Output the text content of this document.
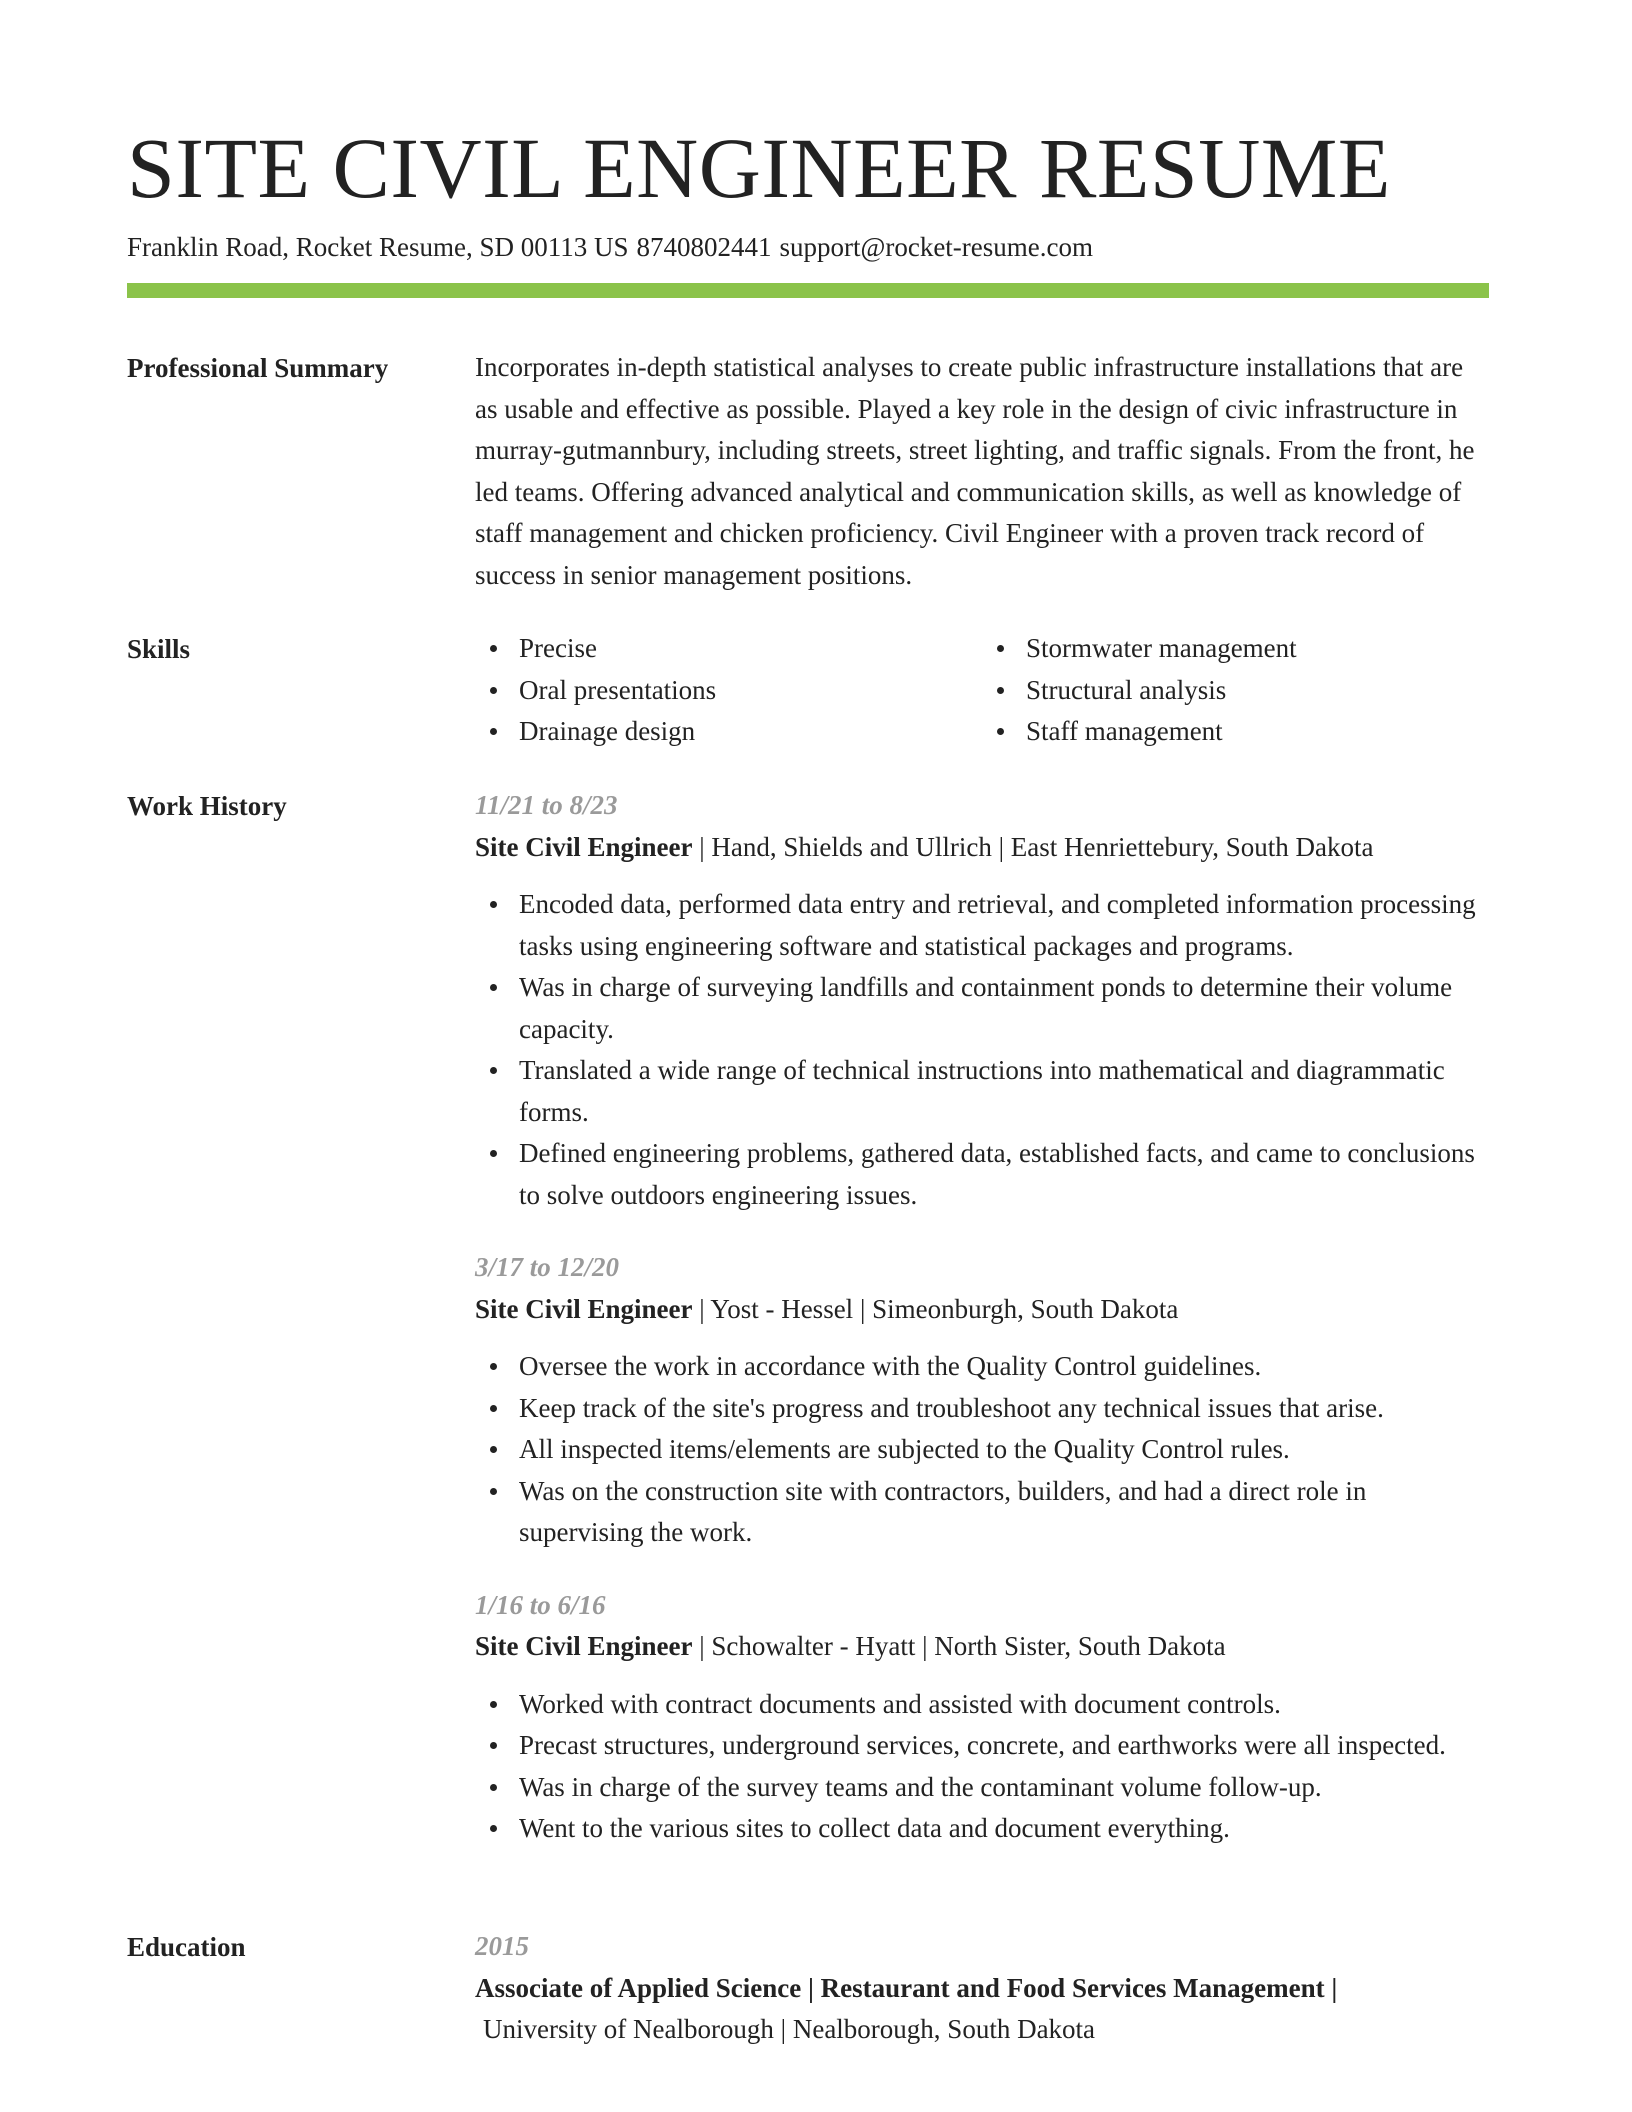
SITE CIVIL ENGINEER RESUME
Franklin Road, Rocket Resume, SD 00113 US 8740802441 support@rocket-resume.com
Professional Summary	Incorporates in-depth statistical analyses to create public infrastructure installations that are as usable and effective as possible. Played a key role in the design of civic infrastructure in murray-gutmannbury, including streets, street lighting, and traffic signals. From the front, he led teams. Offering advanced analytical and communication skills, as well as knowledge of staff management and chicken proficiency. Civil Engineer with a proven track record of success in senior management positions.

Skills	Precise
Oral presentations
Drainage design
Stormwater management
Structural analysis
Staff management
Work History	11/21 to 8/23
Site Civil Engineer | Hand, Shields and Ullrich | East Henriettebury, South Dakota
Encoded data, performed data entry and retrieval, and completed information processing tasks using engineering software and statistical packages and programs.
Was in charge of surveying landfills and containment ponds to determine their volume capacity.
Translated a wide range of technical instructions into mathematical and diagrammatic forms.
Defined engineering problems, gathered data, established facts, and came to conclusions to solve outdoors engineering issues.
3/17 to 12/20
Site Civil Engineer | Yost - Hessel | Simeonburgh, South Dakota
Oversee the work in accordance with the Quality Control guidelines.
Keep track of the site's progress and troubleshoot any technical issues that arise.
All inspected items/elements are subjected to the Quality Control rules.
Was on the construction site with contractors, builders, and had a direct role in supervising the work.
1/16 to 6/16
Site Civil Engineer | Schowalter - Hyatt | North Sister, South Dakota
Worked with contract documents and assisted with document controls.
Precast structures, underground services, concrete, and earthworks were all inspected.
Was in charge of the survey teams and the contaminant volume follow-up.
Went to the various sites to collect data and document everything.
Education	2015
Associate of Applied Science | Restaurant and Food Services Management |
University of Nealborough | Nealborough, South Dakota
